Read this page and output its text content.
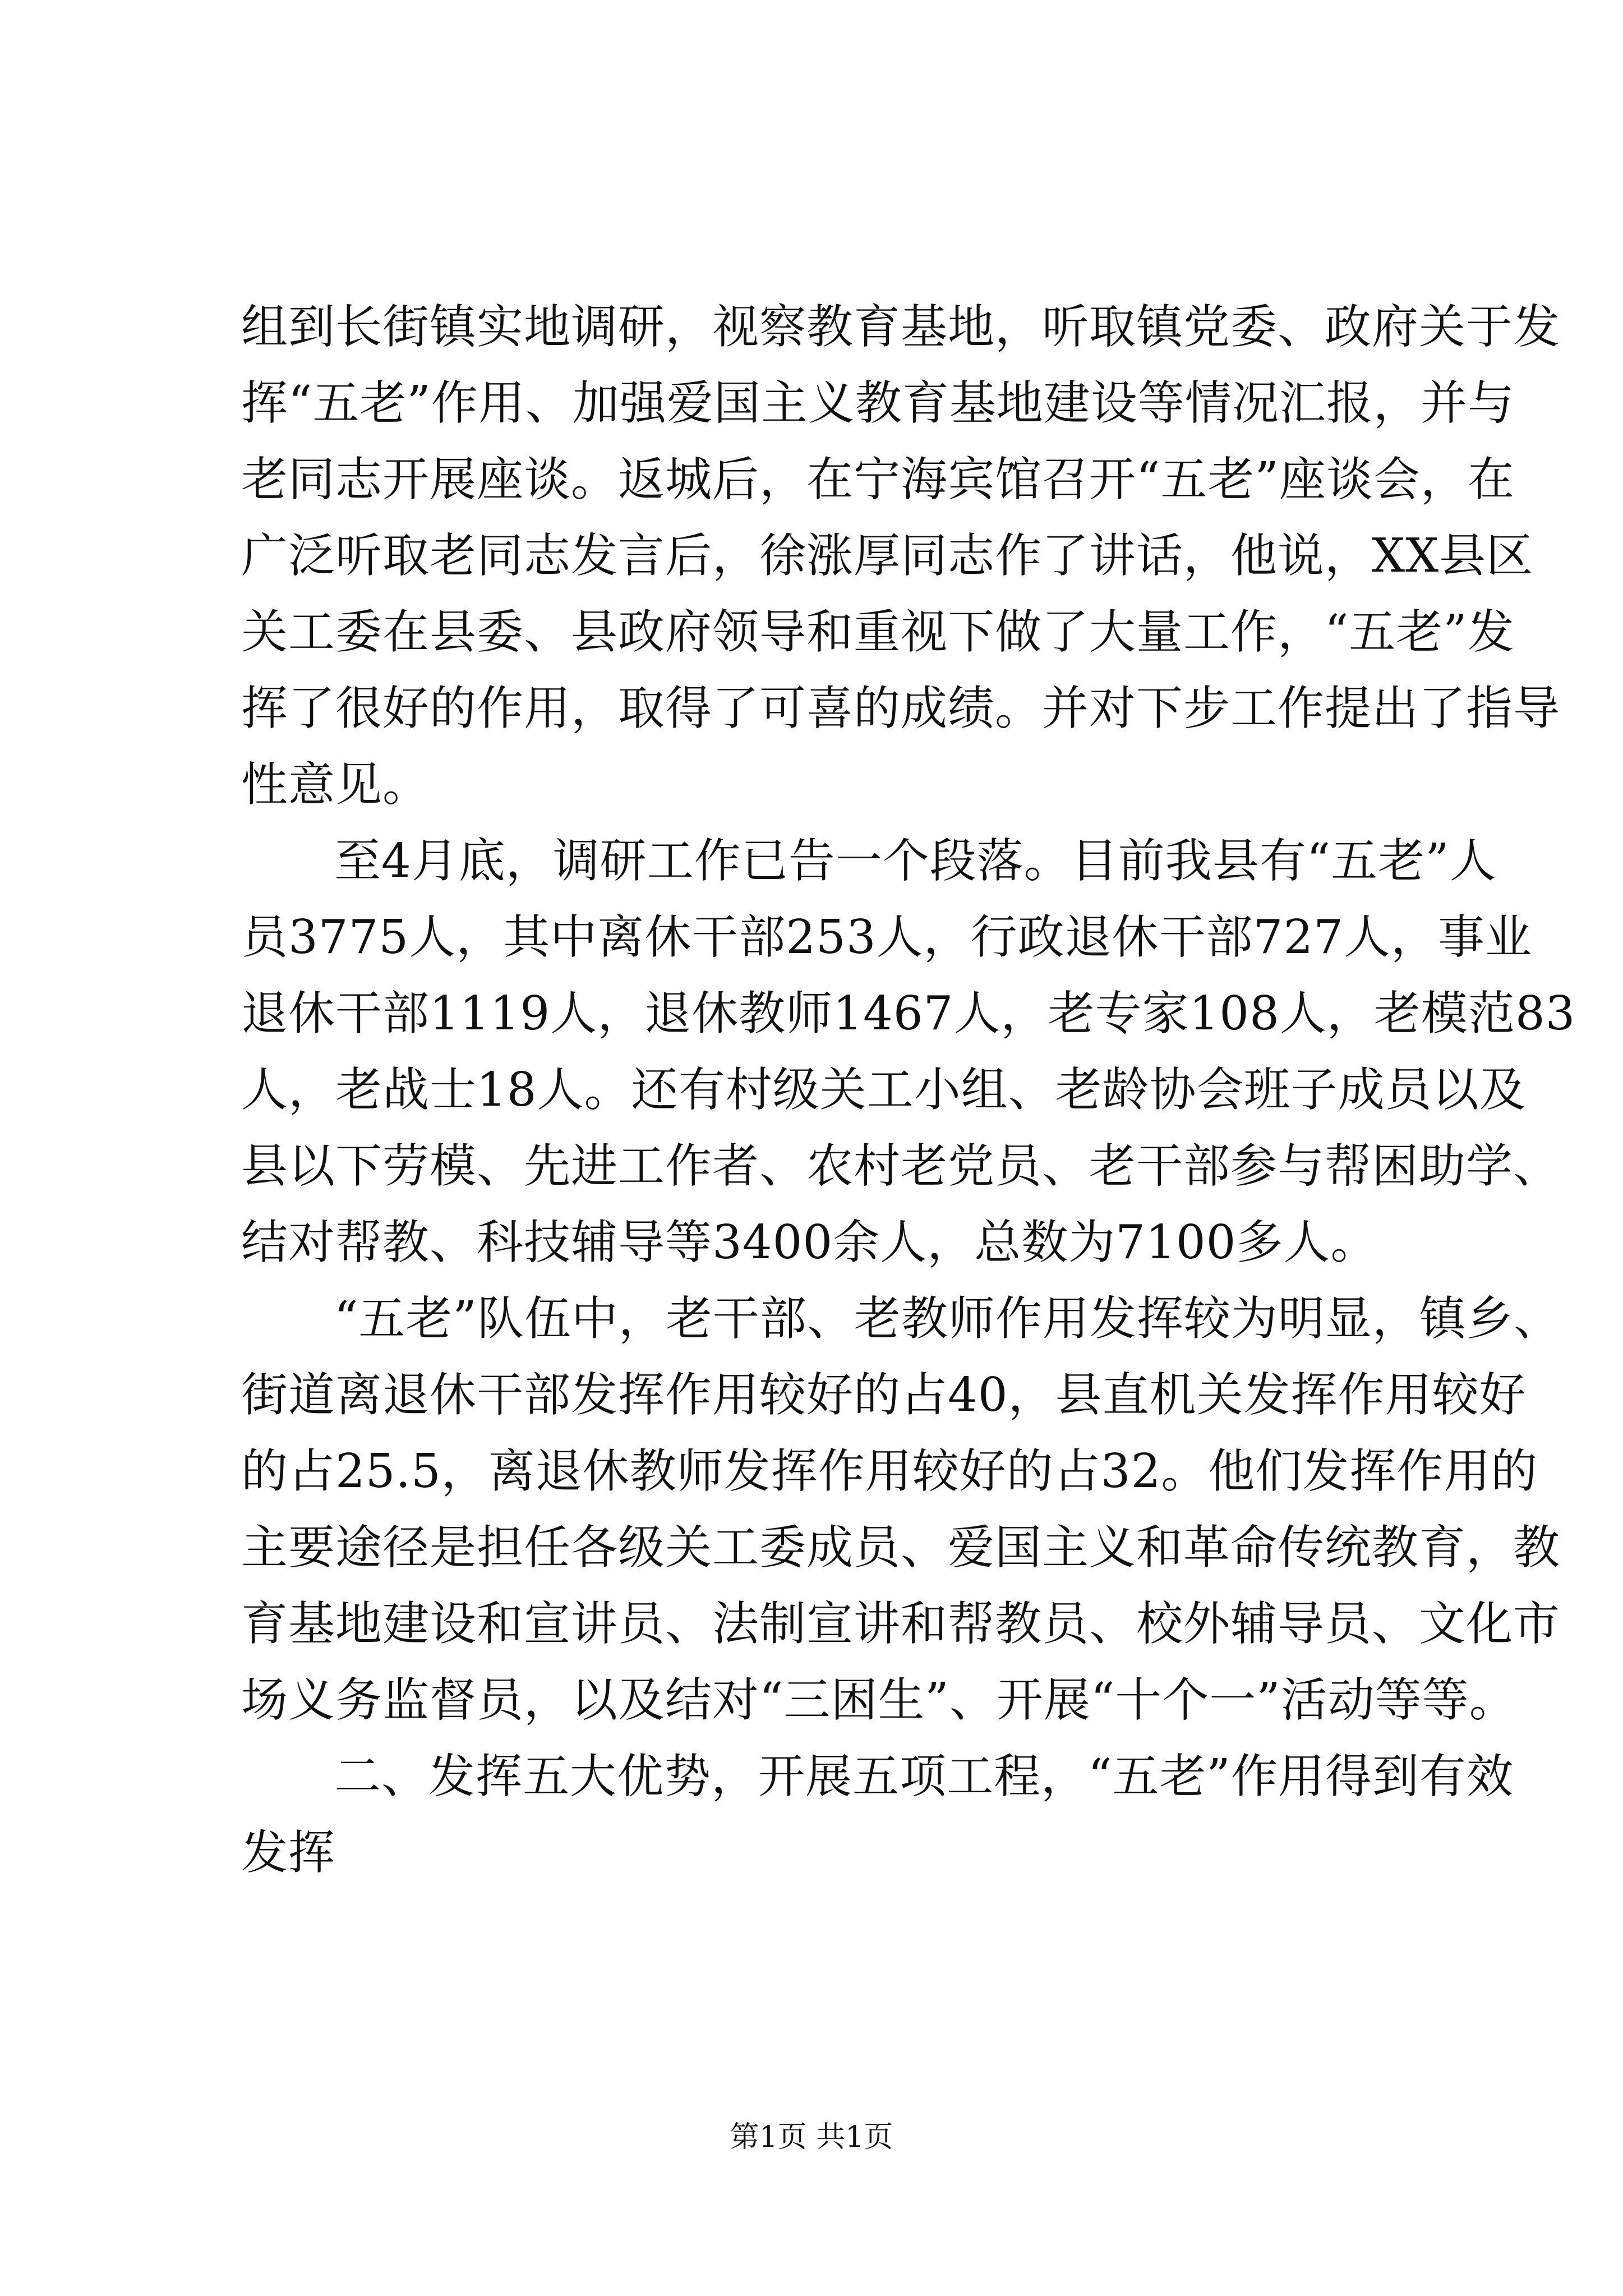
组到长街镇实地调研，视察教育基地，听取镇党委、政府关于发
挥“五老”作用、加强爱国主义教育基地建设等情况汇报，并与
老同志开展座谈。返城后，在宁海宾馆召开“五老”座谈会，在
广泛听取老同志发言后，徐涨厚同志作了讲话，他说，XX县区
关工委在县委、县政府领导和重视下做了大量工作，“五老”发
挥了很好的作用，取得了可喜的成绩。并对下步工作提出了指导
性意见。

至4月底，调研工作已告一个段落。目前我县有“五老”人
员3775人，其中离休干部253人，行政退休干部727人，事业
退休干部1119人，退休教师1467人，老专家108人，老模范83
人，老战士18人。还有村级关工小组、老龄协会班子成员以及
县以下劳模、先进工作者、农村老党员、老干部参与帮困助学、
结对帮教、科技辅导等3400余人，总数为7100多人。

“五老”队伍中，老干部、老教师作用发挥较为明显，镇乡、
街道离退休干部发挥作用较好的占40，县直机关发挥作用较好
的占25.5，离退休教师发挥作用较好的占32。他们发挥作用的
主要途径是担任各级关工委成员、爱国主义和革命传统教育，教
育基地建设和宣讲员、法制宣讲和帮教员、校外辅导员、文化市
场义务监督员，以及结对“三困生”、开展“十个一”活动等等。

二、发挥五大优势，开展五项工程，“五老”作用得到有效
发挥

第1页 共1页
